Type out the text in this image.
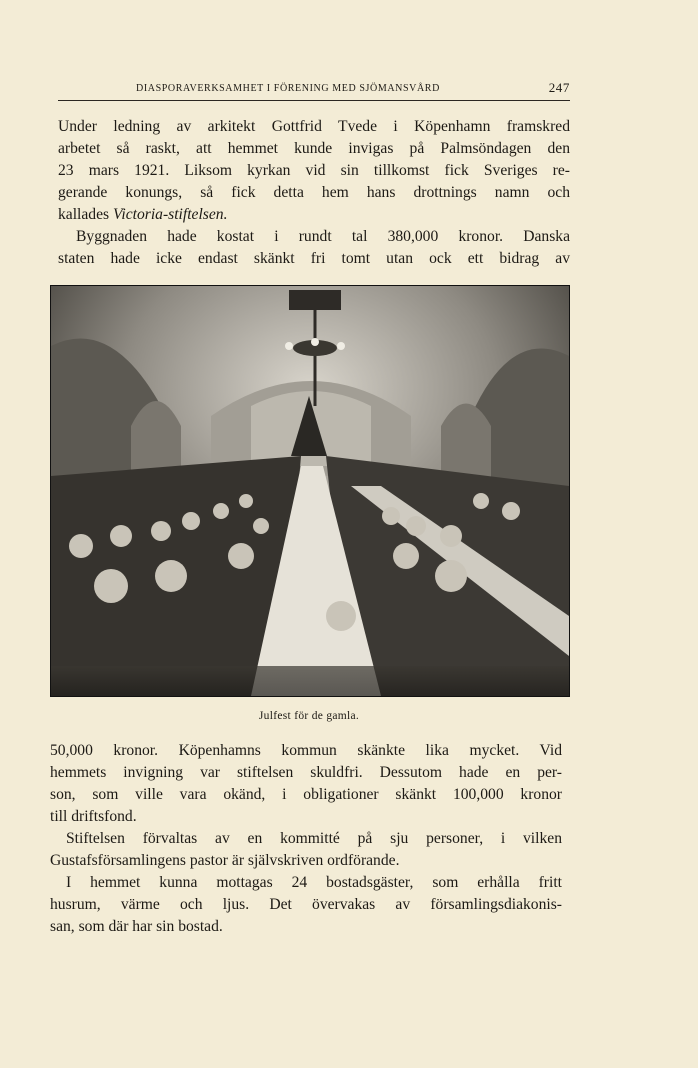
DIASPORAVERKSAMHET I FÖRENING MED SJÖMANSVÅRD	247

Under ledning av arkitekt Gottfrid Tvede i Köpenhamn framskred
arbetet så raskt, att hemmet kunde invigas på Palmsöndagen den
23 mars 1921. Liksom kyrkan vid sin tillkomst fick Sveriges re-
gerande konungs, så fick detta hem hans drottnings namn och
kallades Victoria-stiftelsen.

Byggnaden hade kostat i rundt tal 380,000 kronor. Danska
staten hade icke endast skänkt fri tomt utan ock ett bidrag av

Julfest för de gamla.

50,000 kronor. Köpenhamns kommun skänkte lika mycket. Vid
hemmets invigning var stiftelsen skuldfri. Dessutom hade en per-
son, som ville vara okänd, i obligationer skänkt 100,000 kronor
till driftsfond.

Stiftelsen förvaltas av en kommitté på sju personer, i vilken
Gustafsförsamlingens pastor är självskriven ordförande.

I hemmet kunna mottagas 24 bostadsgäster, som erhålla fritt
husrum, värme och ljus. Det övervakas av församlingsdiakonis-
san, som där har sin bostad.
